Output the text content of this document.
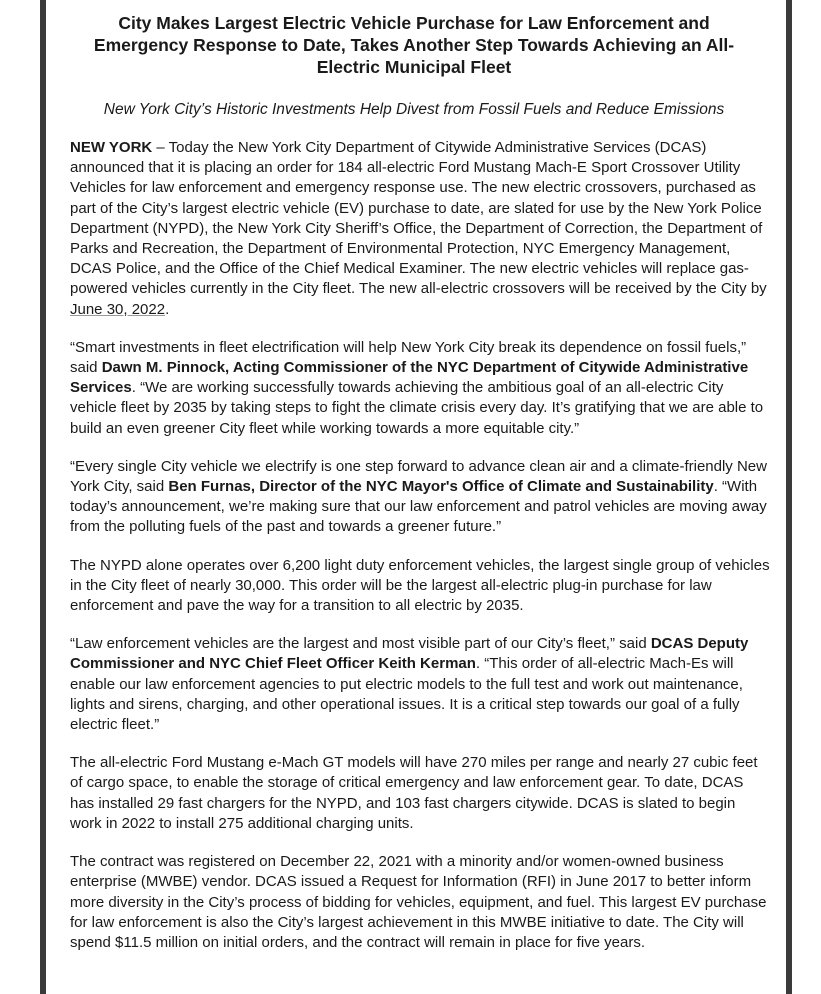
City Makes Largest Electric Vehicle Purchase for Law Enforcement and Emergency Response to Date, Takes Another Step Towards Achieving an All-Electric Municipal Fleet

New York City’s Historic Investments Help Divest from Fossil Fuels and Reduce Emissions

NEW YORK – Today the New York City Department of Citywide Administrative Services (DCAS) announced that it is placing an order for 184 all-electric Ford Mustang Mach-E Sport Crossover Utility Vehicles for law enforcement and emergency response use. The new electric crossovers, purchased as part of the City’s largest electric vehicle (EV) purchase to date, are slated for use by the New York Police Department (NYPD), the New York City Sheriff’s Office, the Department of Correction, the Department of Parks and Recreation, the Department of Environmental Protection, NYC Emergency Management, DCAS Police, and the Office of the Chief Medical Examiner. The new electric vehicles will replace gas-powered vehicles currently in the City fleet. The new all-electric crossovers will be received by the City by June 30, 2022.

“Smart investments in fleet electrification will help New York City break its dependence on fossil fuels,” said Dawn M. Pinnock, Acting Commissioner of the NYC Department of Citywide Administrative Services. “We are working successfully towards achieving the ambitious goal of an all-electric City vehicle fleet by 2035 by taking steps to fight the climate crisis every day. It’s gratifying that we are able to build an even greener City fleet while working towards a more equitable city.”

“Every single City vehicle we electrify is one step forward to advance clean air and a climate-friendly New York City, said Ben Furnas, Director of the NYC Mayor's Office of Climate and Sustainability. “With today’s announcement, we’re making sure that our law enforcement and patrol vehicles are moving away from the polluting fuels of the past and towards a greener future.”

The NYPD alone operates over 6,200 light duty enforcement vehicles, the largest single group of vehicles in the City fleet of nearly 30,000. This order will be the largest all-electric plug-in purchase for law enforcement and pave the way for a transition to all electric by 2035.

“Law enforcement vehicles are the largest and most visible part of our City’s fleet,” said DCAS Deputy Commissioner and NYC Chief Fleet Officer Keith Kerman. “This order of all-electric Mach-Es will enable our law enforcement agencies to put electric models to the full test and work out maintenance, lights and sirens, charging, and other operational issues. It is a critical step towards our goal of a fully electric fleet.”

The all-electric Ford Mustang e-Mach GT models will have 270 miles per range and nearly 27 cubic feet of cargo space, to enable the storage of critical emergency and law enforcement gear. To date, DCAS has installed 29 fast chargers for the NYPD, and 103 fast chargers citywide. DCAS is slated to begin work in 2022 to install 275 additional charging units.

The contract was registered on December 22, 2021 with a minority and/or women-owned business enterprise (MWBE) vendor. DCAS issued a Request for Information (RFI) in June 2017 to better inform more diversity in the City’s process of bidding for vehicles, equipment, and fuel. This largest EV purchase for law enforcement is also the City’s largest achievement in this MWBE initiative to date. The City will spend $11.5 million on initial orders, and the contract will remain in place for five years.
